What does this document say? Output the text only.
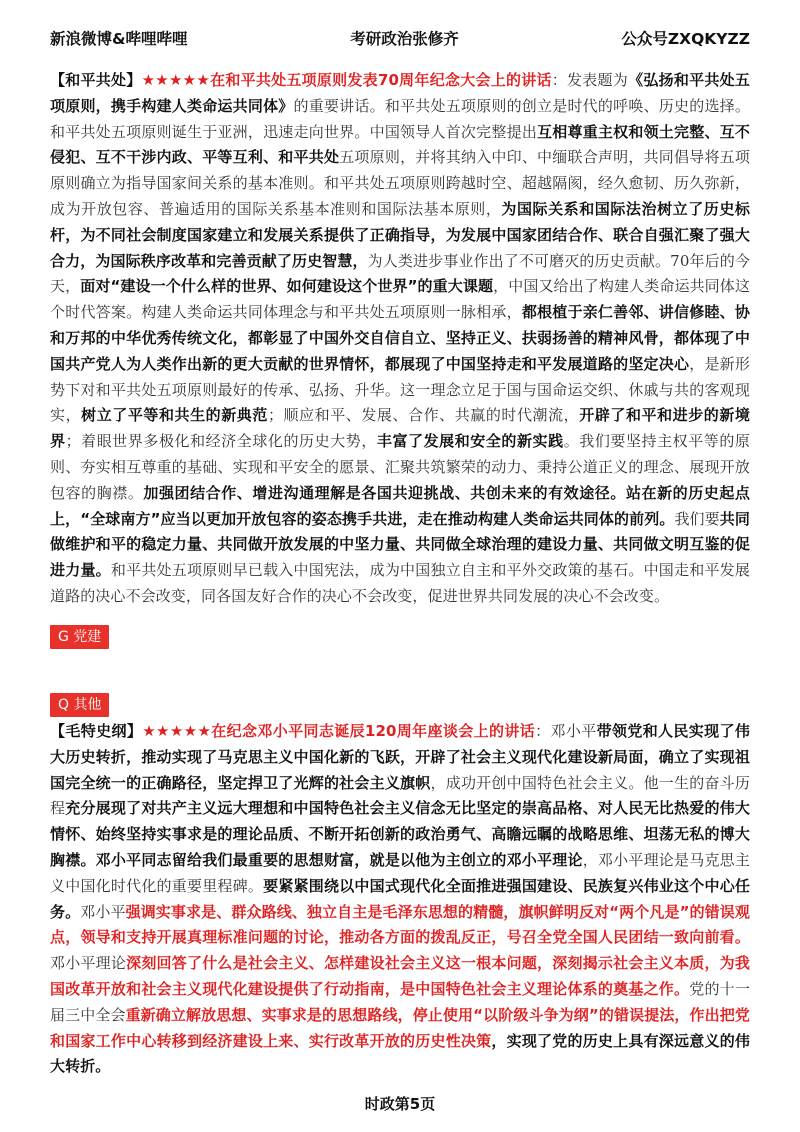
新浪微博&哔哩哔哩	考研政治张修齐	公众号ZXQKYZZ
【和平共处】★★★★★在和平共处五项原则发表70周年纪念大会上的讲话：发表题为《弘扬和平共处五项原则，携手构建人类命运共同体》的重要讲话。和平共处五项原则的创立是时代的呼唤、历史的选择。和平共处五项原则诞生于亚洲，迅速走向世界。中国领导人首次完整提出互相尊重主权和领土完整、互不侵犯、互不干涉内政、平等互利、和平共处五项原则，并将其纳入中印、中缅联合声明，共同倡导将五项原则确立为指导国家间关系的基本准则。和平共处五项原则跨越时空、超越隔阂，经久愈韧、历久弥新，成为开放包容、普遍适用的国际关系基本准则和国际法基本原则，为国际关系和国际法治树立了历史标杆，为不同社会制度国家建立和发展关系提供了正确指导，为发展中国家团结合作、联合自强汇聚了强大合力，为国际秩序改革和完善贡献了历史智慧，为人类进步事业作出了不可磨灭的历史贡献。70年后的今天，面对“建设一个什么样的世界、如何建设这个世界”的重大课题，中国又给出了构建人类命运共同体这个时代答案。构建人类命运共同体理念与和平共处五项原则一脉相承，都根植于亲仁善邻、讲信修睦、协和万邦的中华优秀传统文化，都彰显了中国外交自信自立、坚持正义、扶弱扬善的精神风骨，都体现了中国共产党人为人类作出新的更大贡献的世界情怀，都展现了中国坚持走和平发展道路的坚定决心，是新形势下对和平共处五项原则最好的传承、弘扬、升华。这一理念立足于国与国命运交织、休戚与共的客观现实，树立了平等和共生的新典范；顺应和平、发展、合作、共赢的时代潮流，开辟了和平和进步的新境界；着眼世界多极化和经济全球化的历史大势，丰富了发展和安全的新实践。我们要坚持主权平等的原则、夯实相互尊重的基础、实现和平安全的愿景、汇聚共筑繁荣的动力、秉持公道正义的理念、展现开放包容的胸襟。加强团结合作、增进沟通理解是各国共迎挑战、共创未来的有效途径。站在新的历史起点上，“全球南方”应当以更加开放包容的姿态携手共进，走在推动构建人类命运共同体的前列。我们要共同做维护和平的稳定力量、共同做开放发展的中坚力量、共同做全球治理的建设力量、共同做文明互鉴的促进力量。和平共处五项原则早已载入中国宪法，成为中国独立自主和平外交政策的基石。中国走和平发展道路的决心不会改变，同各国友好合作的决心不会改变，促进世界共同发展的决心不会改变。
G 党建
Q 其他
【毛特史纲】★★★★★在纪念邓小平同志诞辰120周年座谈会上的讲话：邓小平带领党和人民实现了伟大历史转折，推动实现了马克思主义中国化新的飞跃，开辟了社会主义现代化建设新局面，确立了实现祖国完全统一的正确路径，坚定捍卫了光辉的社会主义旗帜，成功开创中国特色社会主义。他一生的奋斗历程充分展现了对共产主义远大理想和中国特色社会主义信念无比坚定的崇高品格、对人民无比热爱的伟大情怀、始终坚持实事求是的理论品质、不断开拓创新的政治勇气、高瞻远瞩的战略思维、坦荡无私的博大胸襟。邓小平同志留给我们最重要的思想财富，就是以他为主创立的邓小平理论，邓小平理论是马克思主义中国化时代化的重要里程碑。要紧紧围绕以中国式现代化全面推进强国建设、民族复兴伟业这个中心任务。邓小平强调实事求是、群众路线、独立自主是毛泽东思想的精髓，旗帜鲜明反对“两个凡是”的错误观点，领导和支持开展真理标准问题的讨论，推动各方面的拨乱反正，号召全党全国人民团结一致向前看。邓小平理论深刻回答了什么是社会主义、怎样建设社会主义这一根本问题，深刻揭示社会主义本质，为我国改革开放和社会主义现代化建设提供了行动指南，是中国特色社会主义理论体系的奠基之作。党的十一届三中全会重新确立解放思想、实事求是的思想路线，停止使用“以阶级斗争为纲”的错误提法，作出把党和国家工作中心转移到经济建设上来、实行改革开放的历史性决策，实现了党的历史上具有深远意义的伟大转折。
时政第5页
